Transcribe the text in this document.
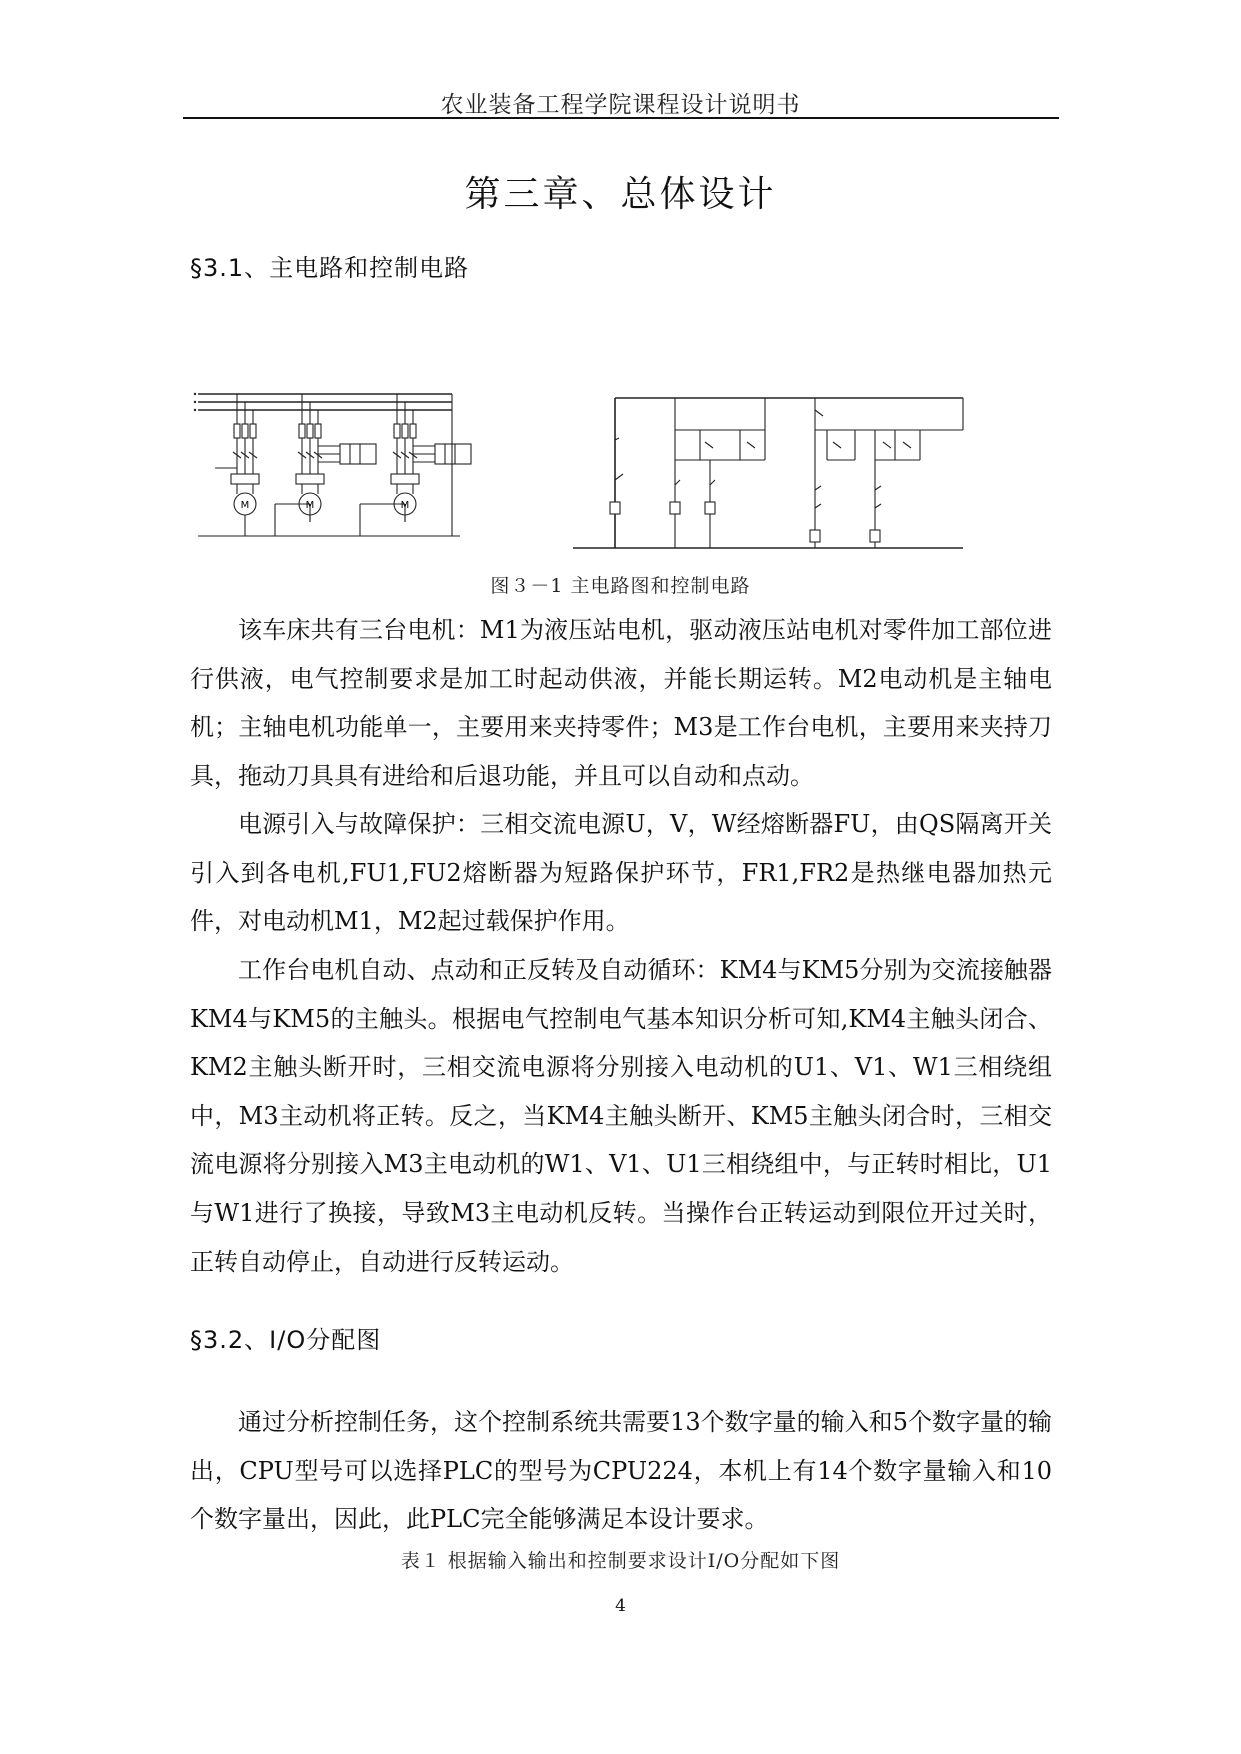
农业装备工程学院课程设计说明书
第三章、总体设计
§3.1、主电路和控制电路
M	M	M
图３－1 主电路图和控制电路
该车床共有三台电机：M1为液压站电机，驱动液压站电机对零件加工部位进行供液，电气控制要求是加工时起动供液，并能长期运转。M2电动机是主轴电机；主轴电机功能单一，主要用来夹持零件；M3是工作台电机，主要用来夹持刀具，拖动刀具具有进给和后退功能，并且可以自动和点动。
电源引入与故障保护：三相交流电源U，V，W经熔断器FU，由QS隔离开关引入到各电机,FU1,FU2熔断器为短路保护环节，FR1,FR2是热继电器加热元件，对电动机M1，M2起过载保护作用。
工作台电机自动、点动和正反转及自动循环：KM4与KM5分别为交流接触器KM4与KM5的主触头。根据电气控制电气基本知识分析可知,KM4主触头闭合、KM2主触头断开时，三相交流电源将分别接入电动机的U1、V1、W1三相绕组中，M3主动机将正转。反之，当KM4主触头断开、KM5主触头闭合时，三相交流电源将分别接入M3主电动机的W1、V1、U1三相绕组中，与正转时相比，U1与W1进行了换接，导致M3主电动机反转。当操作台正转运动到限位开过关时，正转自动停止，自动进行反转运动。
§3.2、I/O分配图
通过分析控制任务，这个控制系统共需要13个数字量的输入和5个数字量的输出，CPU型号可以选择PLC的型号为CPU224，本机上有14个数字量输入和10个数字量出，因此，此PLC完全能够满足本设计要求。
表１ 根据输入输出和控制要求设计I/O分配如下图
4
